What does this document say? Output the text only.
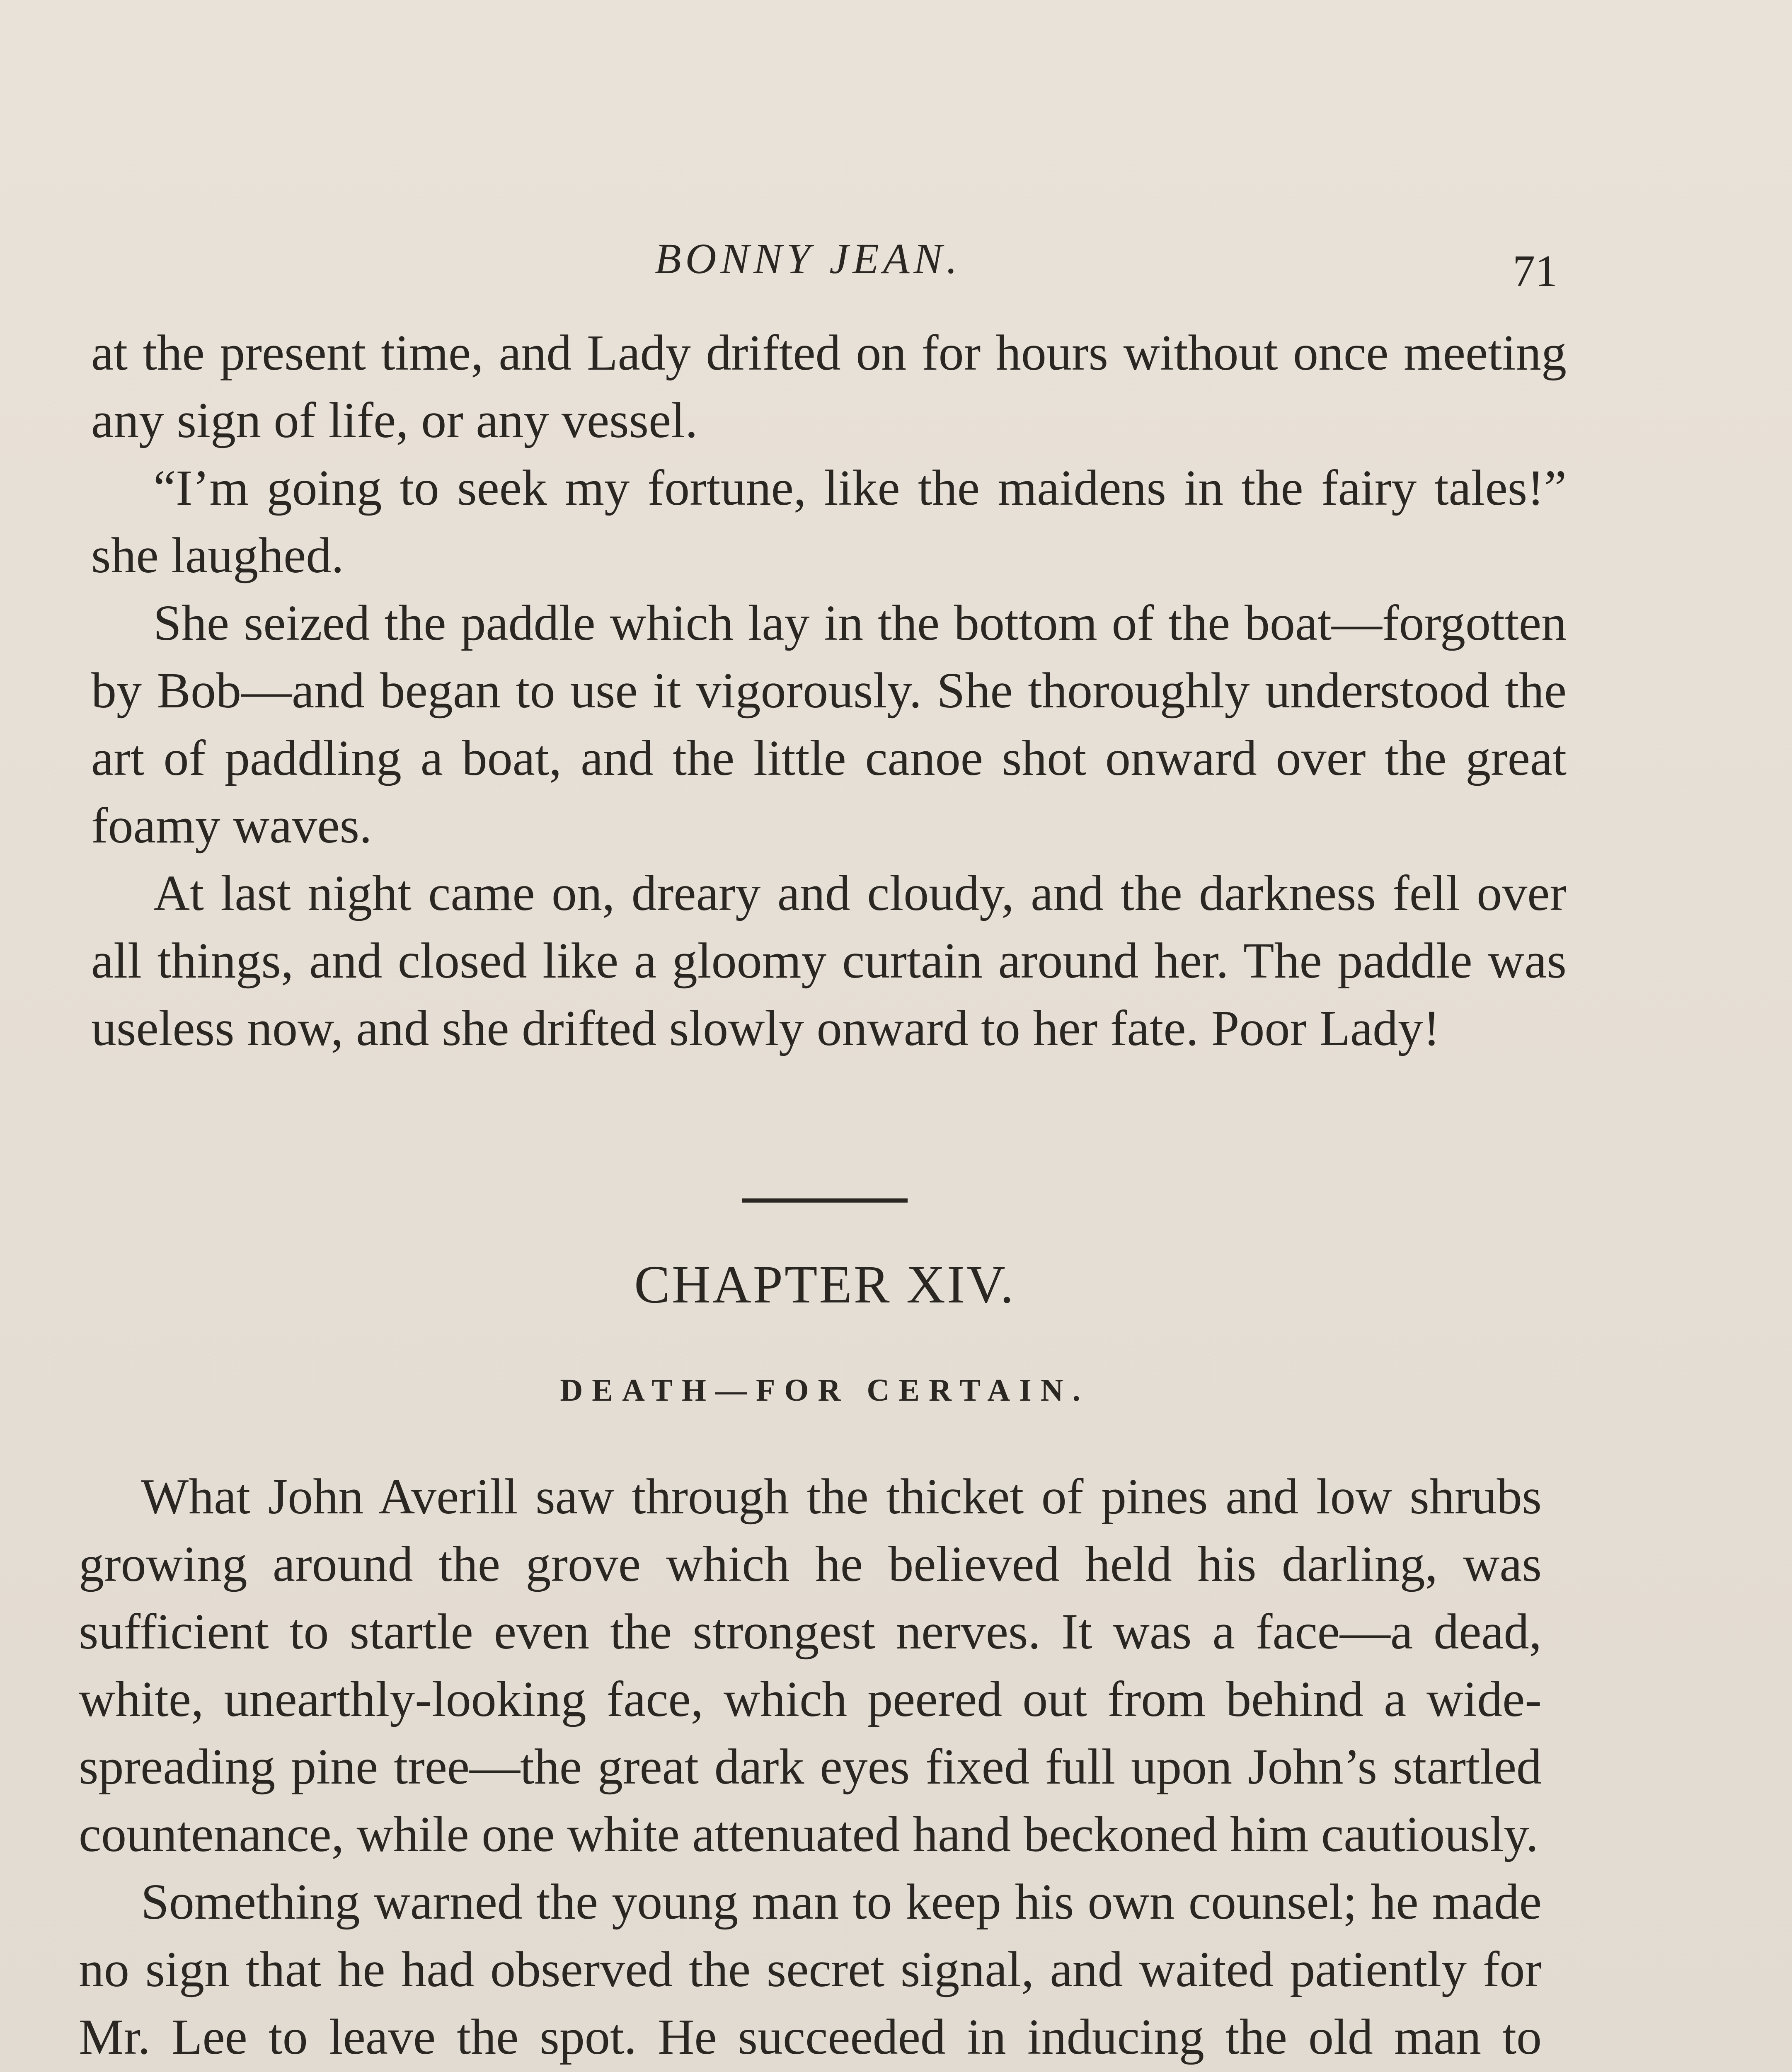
BONNY JEAN.	71

at the present time, and Lady drifted on for hours without once meeting any sign of life, or any vessel.

“I’m going to seek my fortune, like the maidens in the fairy tales!” she laughed.

She seized the paddle which lay in the bottom of the boat—forgotten by Bob—and began to use it vigorously. She thoroughly understood the art of paddling a boat, and the little canoe shot onward over the great foamy waves.

At last night came on, dreary and cloudy, and the darkness fell over all things, and closed like a gloomy curtain around her. The paddle was useless now, and she drifted slowly onward to her fate. Poor Lady!

CHAPTER XIV.
DEATH—FOR CERTAIN.

What John Averill saw through the thicket of pines and low shrubs growing around the grove which he believed held his darling, was sufficient to startle even the strongest nerves. It was a face—a dead, white, unearthly-looking face, which peered out from behind a wide-spreading pine tree—the great dark eyes fixed full upon John’s startled countenance, while one white attenuated hand beckoned him cautiously.

Something warned the young man to keep his own counsel; he made no sign that he had observed the secret signal, and waited patiently for Mr. Lee to leave the spot. He succeeded in inducing the old man to
